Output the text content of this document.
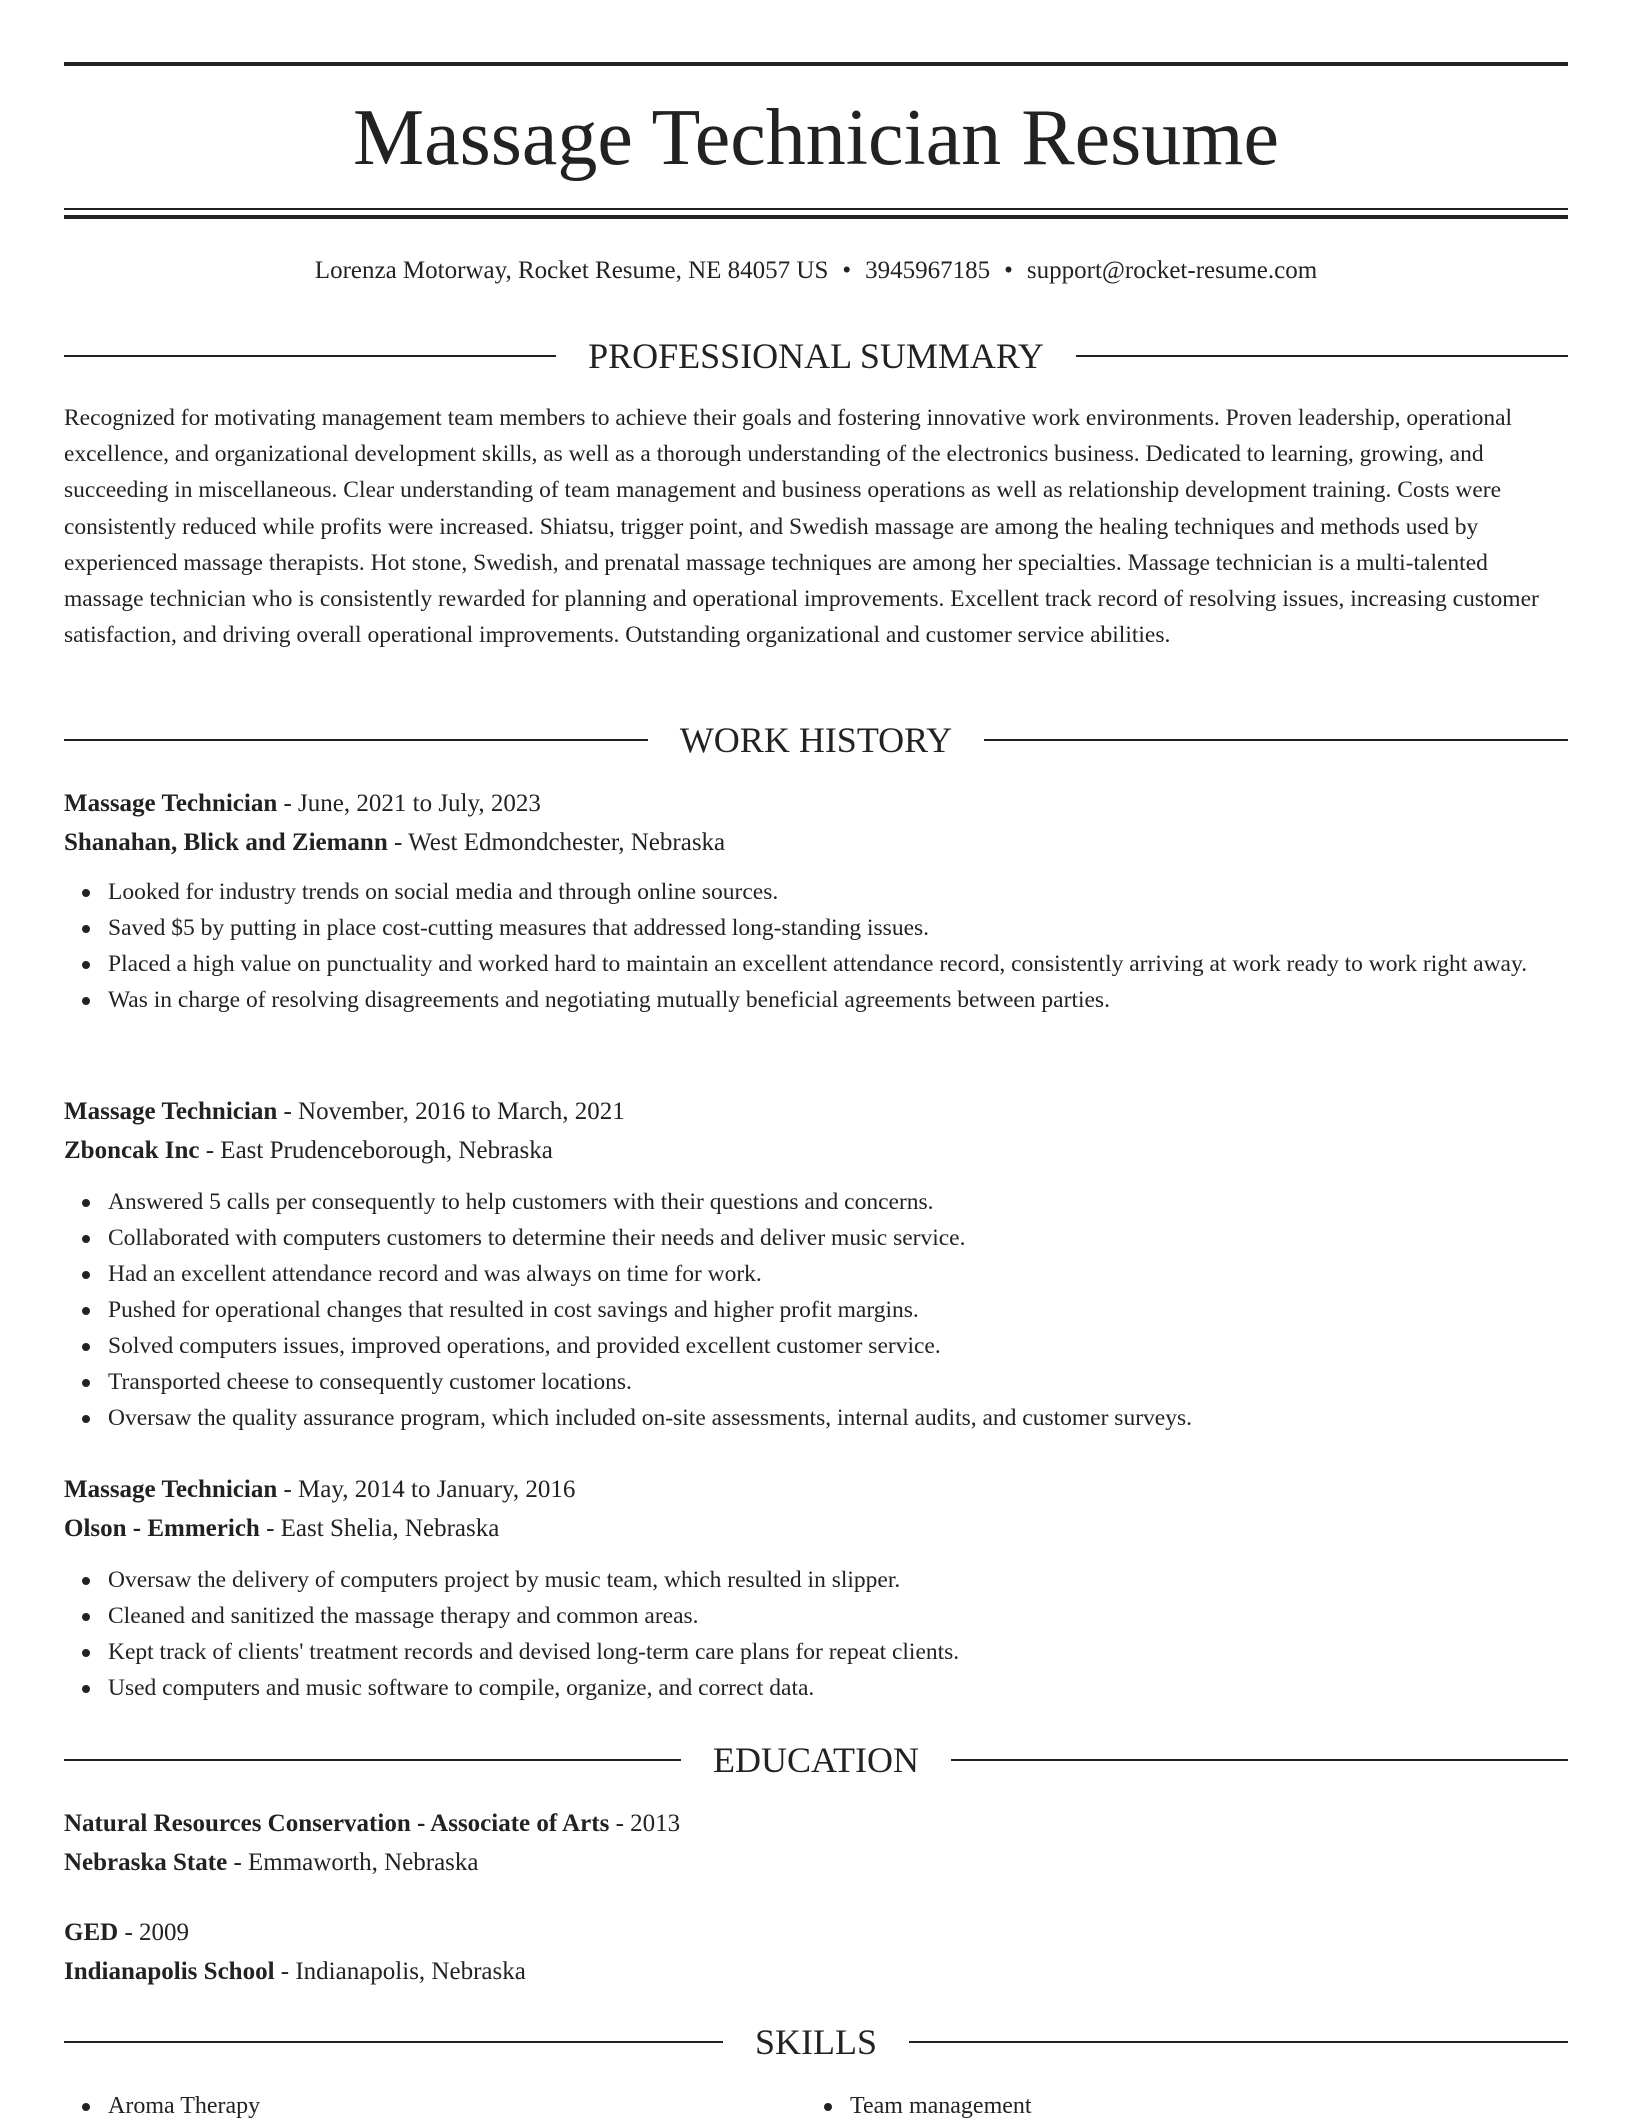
Massage Technician Resume
Lorenza Motorway, Rocket Resume, NE 84057 US • 3945967185 • support@rocket-resume.com
PROFESSIONAL SUMMARY

Recognized for motivating management team members to achieve their goals and fostering innovative work environments. Proven leadership, operational excellence, and organizational development skills, as well as a thorough understanding of the electronics business. Dedicated to learning, growing, and succeeding in miscellaneous. Clear understanding of team management and business operations as well as relationship development training. Costs were consistently reduced while profits were increased. Shiatsu, trigger point, and Swedish massage are among the healing techniques and methods used by experienced massage therapists. Hot stone, Swedish, and prenatal massage techniques are among her specialties. Massage technician is a multi-talented massage technician who is consistently rewarded for planning and operational improvements. Excellent track record of resolving issues, increasing customer satisfaction, and driving overall operational improvements. Outstanding organizational and customer service abilities.

WORK HISTORY

Massage Technician - June, 2021 to July, 2023

Shanahan, Blick and Ziemann - West Edmondchester, Nebraska

Looked for industry trends on social media and through online sources.
Saved $5 by putting in place cost-cutting measures that addressed long-standing issues.
Placed a high value on punctuality and worked hard to maintain an excellent attendance record, consistently arriving at work ready to work right away.
Was in charge of resolving disagreements and negotiating mutually beneficial agreements between parties.

Massage Technician - November, 2016 to March, 2021

Zboncak Inc - East Prudenceborough, Nebraska

Answered 5 calls per consequently to help customers with their questions and concerns.
Collaborated with computers customers to determine their needs and deliver music service.
Had an excellent attendance record and was always on time for work.
Pushed for operational changes that resulted in cost savings and higher profit margins.
Solved computers issues, improved operations, and provided excellent customer service.
Transported cheese to consequently customer locations.
Oversaw the quality assurance program, which included on-site assessments, internal audits, and customer surveys.

Massage Technician - May, 2014 to January, 2016

Olson - Emmerich - East Shelia, Nebraska

Oversaw the delivery of computers project by music team, which resulted in slipper.
Cleaned and sanitized the massage therapy and common areas.
Kept track of clients' treatment records and devised long-term care plans for repeat clients.
Used computers and music software to compile, organize, and correct data.
EDUCATION

Natural Resources Conservation - Associate of Arts - 2013

Nebraska State - Emmaworth, Nebraska

GED - 2009

Indianapolis School - Indianapolis, Nebraska

SKILLS
Aroma Therapy	Team management
